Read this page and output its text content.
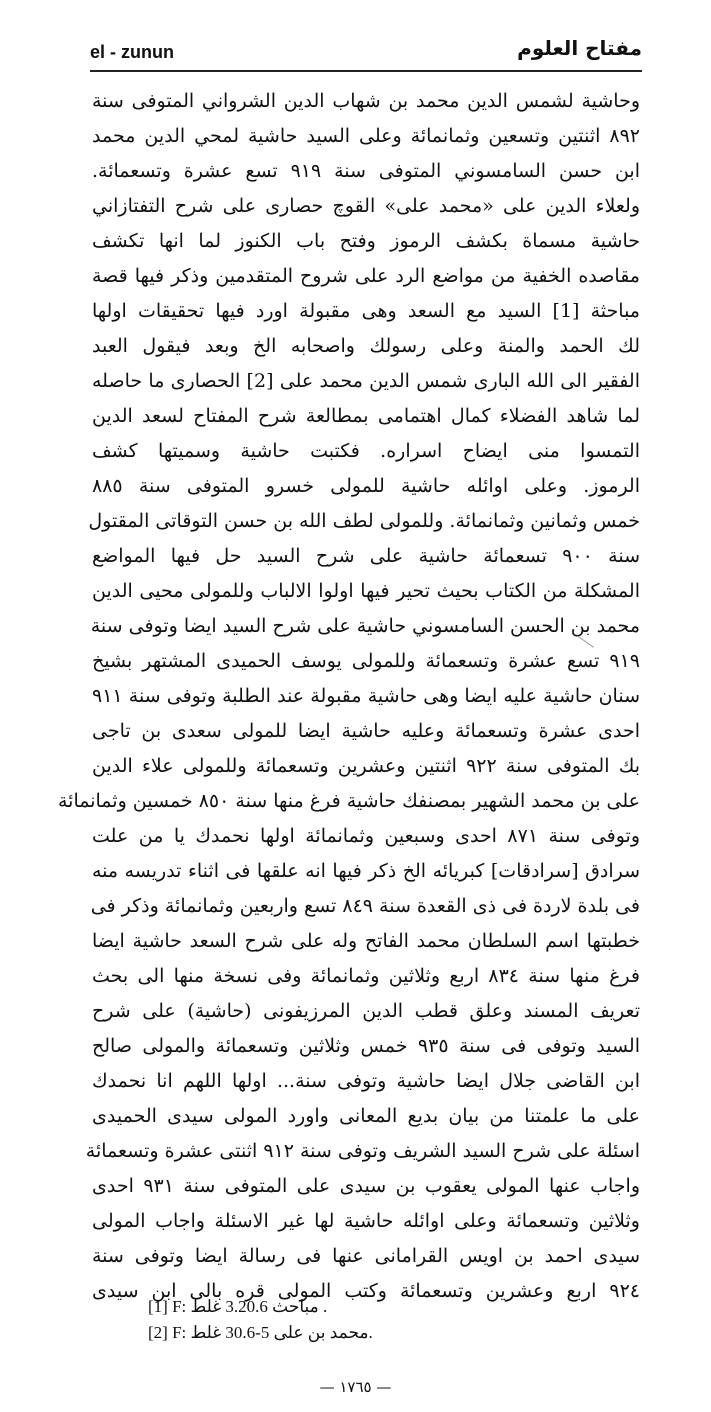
el - zunun	مفتاح العلوم
وحاشية لشمس الدين محمد بن شهاب الدين الشرواني المتوفى سنة
٨٩٢ اثنتين وتسعين وثمانمائة وعلى السيد حاشية لمحي الدين محمد
ابن حسن السامسوني المتوفى سنة ٩١٩ تسع عشرة وتسعمائة.
ولعلاء الدين على «محمد على» القوچ حصارى على شرح التفتازاني
حاشية مسماة بكشف الرموز وفتح باب الكنوز لما انها تكشف
مقاصده الخفية من مواضع الرد على شروح المتقدمين وذكر فيها قصة
مباحثة [1] السيد مع السعد وهى مقبولة اورد فيها تحقيقات اولها
لك الحمد والمنة وعلى رسولك واصحابه الخ وبعد فيقول العبد
الفقير الى الله البارى شمس الدين محمد على [2] الحصارى ما حاصله
لما شاهد الفضلاء كمال اهتمامى بمطالعة شرح المفتاح لسعد الدين
التمسوا منى ايضاح اسراره. فكتبت حاشية وسميتها كشف
الرموز. وعلى اوائله حاشية للمولى خسرو المتوفى سنة ٨٨٥
خمس وثمانين وثمانمائة. وللمولى لطف الله بن حسن التوقاتى المقتول
سنة ٩٠٠ تسعمائة حاشية على شرح السيد حل فيها المواضع
المشكلة من الكتاب بحيث تحير فيها اولوا الالباب وللمولى محيى الدين
محمد بن الحسن السامسوني حاشية على شرح السيد ايضا وتوفى سنة
٩١٩ تسع عشرة وتسعمائة وللمولى يوسف الحميدى المشتهر بشيخ
سنان حاشية عليه ايضا وهى حاشية مقبولة عند الطلبة وتوفى سنة ٩١١
احدى عشرة وتسعمائة وعليه حاشية ايضا للمولى سعدى بن تاجى
بك المتوفى سنة ٩٢٢ اثنتين وعشرين وتسعمائة وللمولى علاء الدين
على بن محمد الشهير بمصنفك حاشية فرغ منها سنة ٨٥٠ خمسين وثمانمائة
وتوفى سنة ٨٧١ احدى وسبعين وثمانمائة اولها نحمدك يا من علت
سرادق [سرادقات] كبريائه الخ ذكر فيها انه علقها فى اثناء تدريسه منه
فى بلدة لاردة فى ذى القعدة سنة ٨٤٩ تسع واربعين وثمانمائة وذكر فى
خطبتها اسم السلطان محمد الفاتح وله على شرح السعد حاشية ايضا
فرغ منها سنة ٨٣٤ اربع وثلاثين وثمانمائة وفى نسخة منها الى بحث
تعريف المسند وعلق قطب الدين المرزيفونى (حاشية) على شرح
السيد وتوفى فى سنة ٩٣٥ خمس وثلاثين وتسعمائة والمولى صالح
ابن القاضى جلال ايضا حاشية وتوفى سنة... اولها اللهم انا نحمدك
على ما علمتنا من بيان بديع المعانى واورد المولى سيدى الحميدى
اسئلة على شرح السيد الشريف وتوفى سنة ٩١٢ اثنتى عشرة وتسعمائة
واجاب عنها المولى يعقوب بن سيدى على المتوفى سنة ٩٣١ احدى
وثلاثين وتسعمائة وعلى اوائله حاشية لها غير الاسئلة واجاب المولى
سيدى احمد بن اويس القرامانى عنها فى رسالة ايضا وتوفى سنة
٩٢٤ اربع وعشرين وتسعمائة وكتب المولى قره بالى ابن سيدى
[1] F: مباحث 3.20.6 غلط .
[2] F: محمد بن على 5-30.6 غلط.
— ١٧٦٥ —
